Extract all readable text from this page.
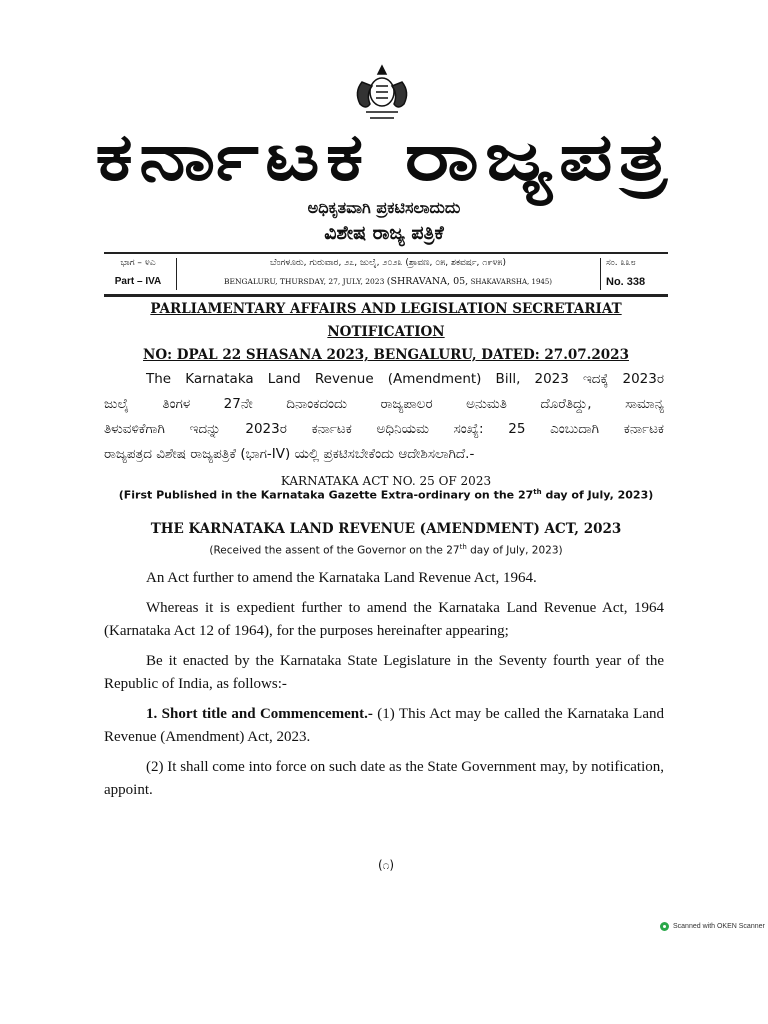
ಕರ್ನಾಟಕ ರಾಜ್ಯಪತ್ರ
ಅಧಿಕೃತವಾಗಿ ಪ್ರಕಟಿಸಲಾದುದು
ವಿಶೇಷ ರಾಜ್ಯ ಪತ್ರಿಕೆ
ಭಾಗ – ೪ಎ
Part – IVA
ಬೆಂಗಳೂರು, ಗುರುವಾರ, ೨೭, ಜುಲೈ, ೨೦೨೩ (ಶ್ರಾವಣ, ೦೫, ಶಕವರ್ಷ, ೧೯೪೫)
BENGALURU, THURSDAY, 27, JULY, 2023 (SHRAVANA, 05, SHAKAVARSHA, 1945)
ಸಂ. ೩೩೮
No. 338
PARLIAMENTARY AFFAIRS AND LEGISLATION SECRETARIAT
NOTIFICATION
NO: DPAL 22 SHASANA 2023, BENGALURU, DATED: 27.07.2023
The Karnataka Land Revenue (Amendment) Bill, 2023 ಇದಕ್ಕೆ 2023ರ
ಜುಲೈ ತಿಂಗಳ 27ನೇ ದಿನಾಂಕದಂದು ರಾಜ್ಯಪಾಲರ ಅನುಮತಿ ದೊರೆತಿದ್ದು, ಸಾಮಾನ್ಯ
ತಿಳುವಳಿಕೆಗಾಗಿ ಇದನ್ನು 2023ರ ಕರ್ನಾಟಕ ಅಧಿನಿಯಮ ಸಂಖ್ಯೆ: 25 ಎಂಬುದಾಗಿ ಕರ್ನಾಟಕ
ರಾಜ್ಯಪತ್ರದ ವಿಶೇಷ ರಾಜ್ಯಪತ್ರಿಕೆ (ಭಾಗ-IV) ಯಲ್ಲಿ ಪ್ರಕಟಿಸಬೇಕೆಂದು ಆದೇಶಿಸಲಾಗಿದೆ.-
KARNATAKA ACT NO. 25 OF 2023
(First Published in the Karnataka Gazette Extra-ordinary on the 27th day of July, 2023)
THE KARNATAKA LAND REVENUE (AMENDMENT) ACT, 2023
(Received the assent of the Governor on the 27th day of July, 2023)
An Act further to amend the Karnataka Land Revenue Act, 1964.
Whereas it is expedient further to amend the Karnataka Land Revenue Act, 1964 (Karnataka Act 12 of 1964), for the purposes hereinafter appearing;
Be it enacted by the Karnataka State Legislature in the Seventy fourth year of the Republic of India, as follows:-
1. Short title and Commencement.- (1) This Act may be called the Karnataka Land Revenue (Amendment) Act, 2023.
(2) It shall come into force on such date as the State Government may, by notification, appoint.
(೧)
Scanned with OKEN Scanner
